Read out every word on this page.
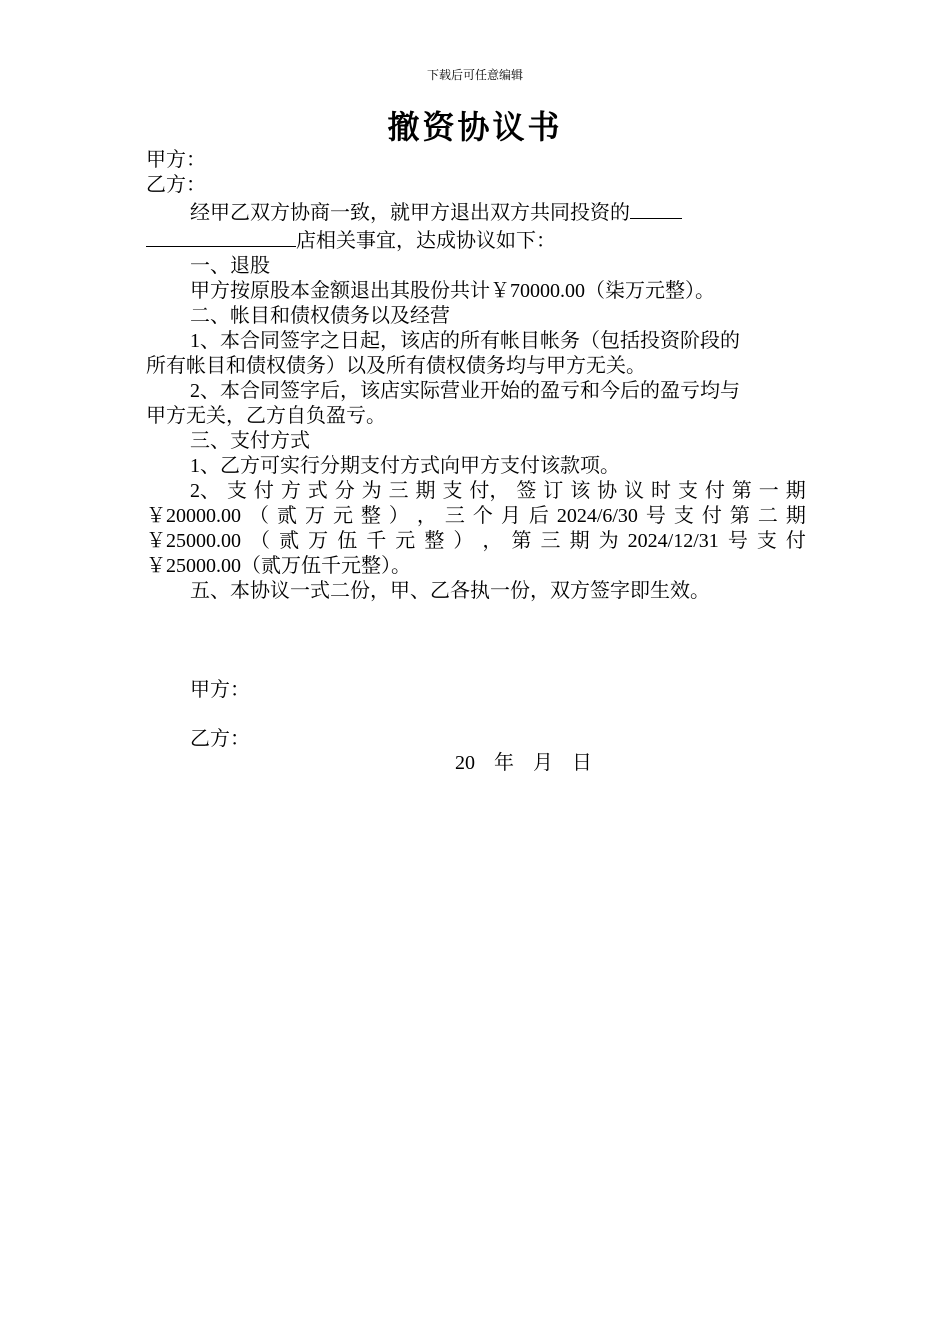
下载后可任意编辑
撤资协议书
甲方：
乙方：
经甲乙双方协商一致，就甲方退出双方共同投资的
店相关事宜，达成协议如下：
一、退股
甲方按原股本金额退出其股份共计￥70000.00（柒万元整）。
二、帐目和债权债务以及经营
1、本合同签字之日起，该店的所有帐目帐务（包括投资阶段的
所有帐目和债权债务）以及所有债权债务均与甲方无关。
2、本合同签字后，该店实际营业开始的盈亏和今后的盈亏均与
甲方无关，乙方自负盈亏。
三、支付方式
1、乙方可实行分期支付方式向甲方支付该款项。
2、 支 付 方 式 分 为 三 期 支 付， 签 订 该 协 议 时 支 付 第 一 期
￥20000.00 （ 贰 万 元 整 ） ， 三 个 月 后 2024/6/30 号 支 付 第 二 期
￥25000.00 （ 贰 万 伍 千 元 整 ） ， 第 三 期 为 2024/12/31 号 支 付
￥25000.00（贰万伍千元整）。
五、本协议一式二份，甲、乙各执一份，双方签字即生效。
甲方：
乙方：
20 年 月 日
